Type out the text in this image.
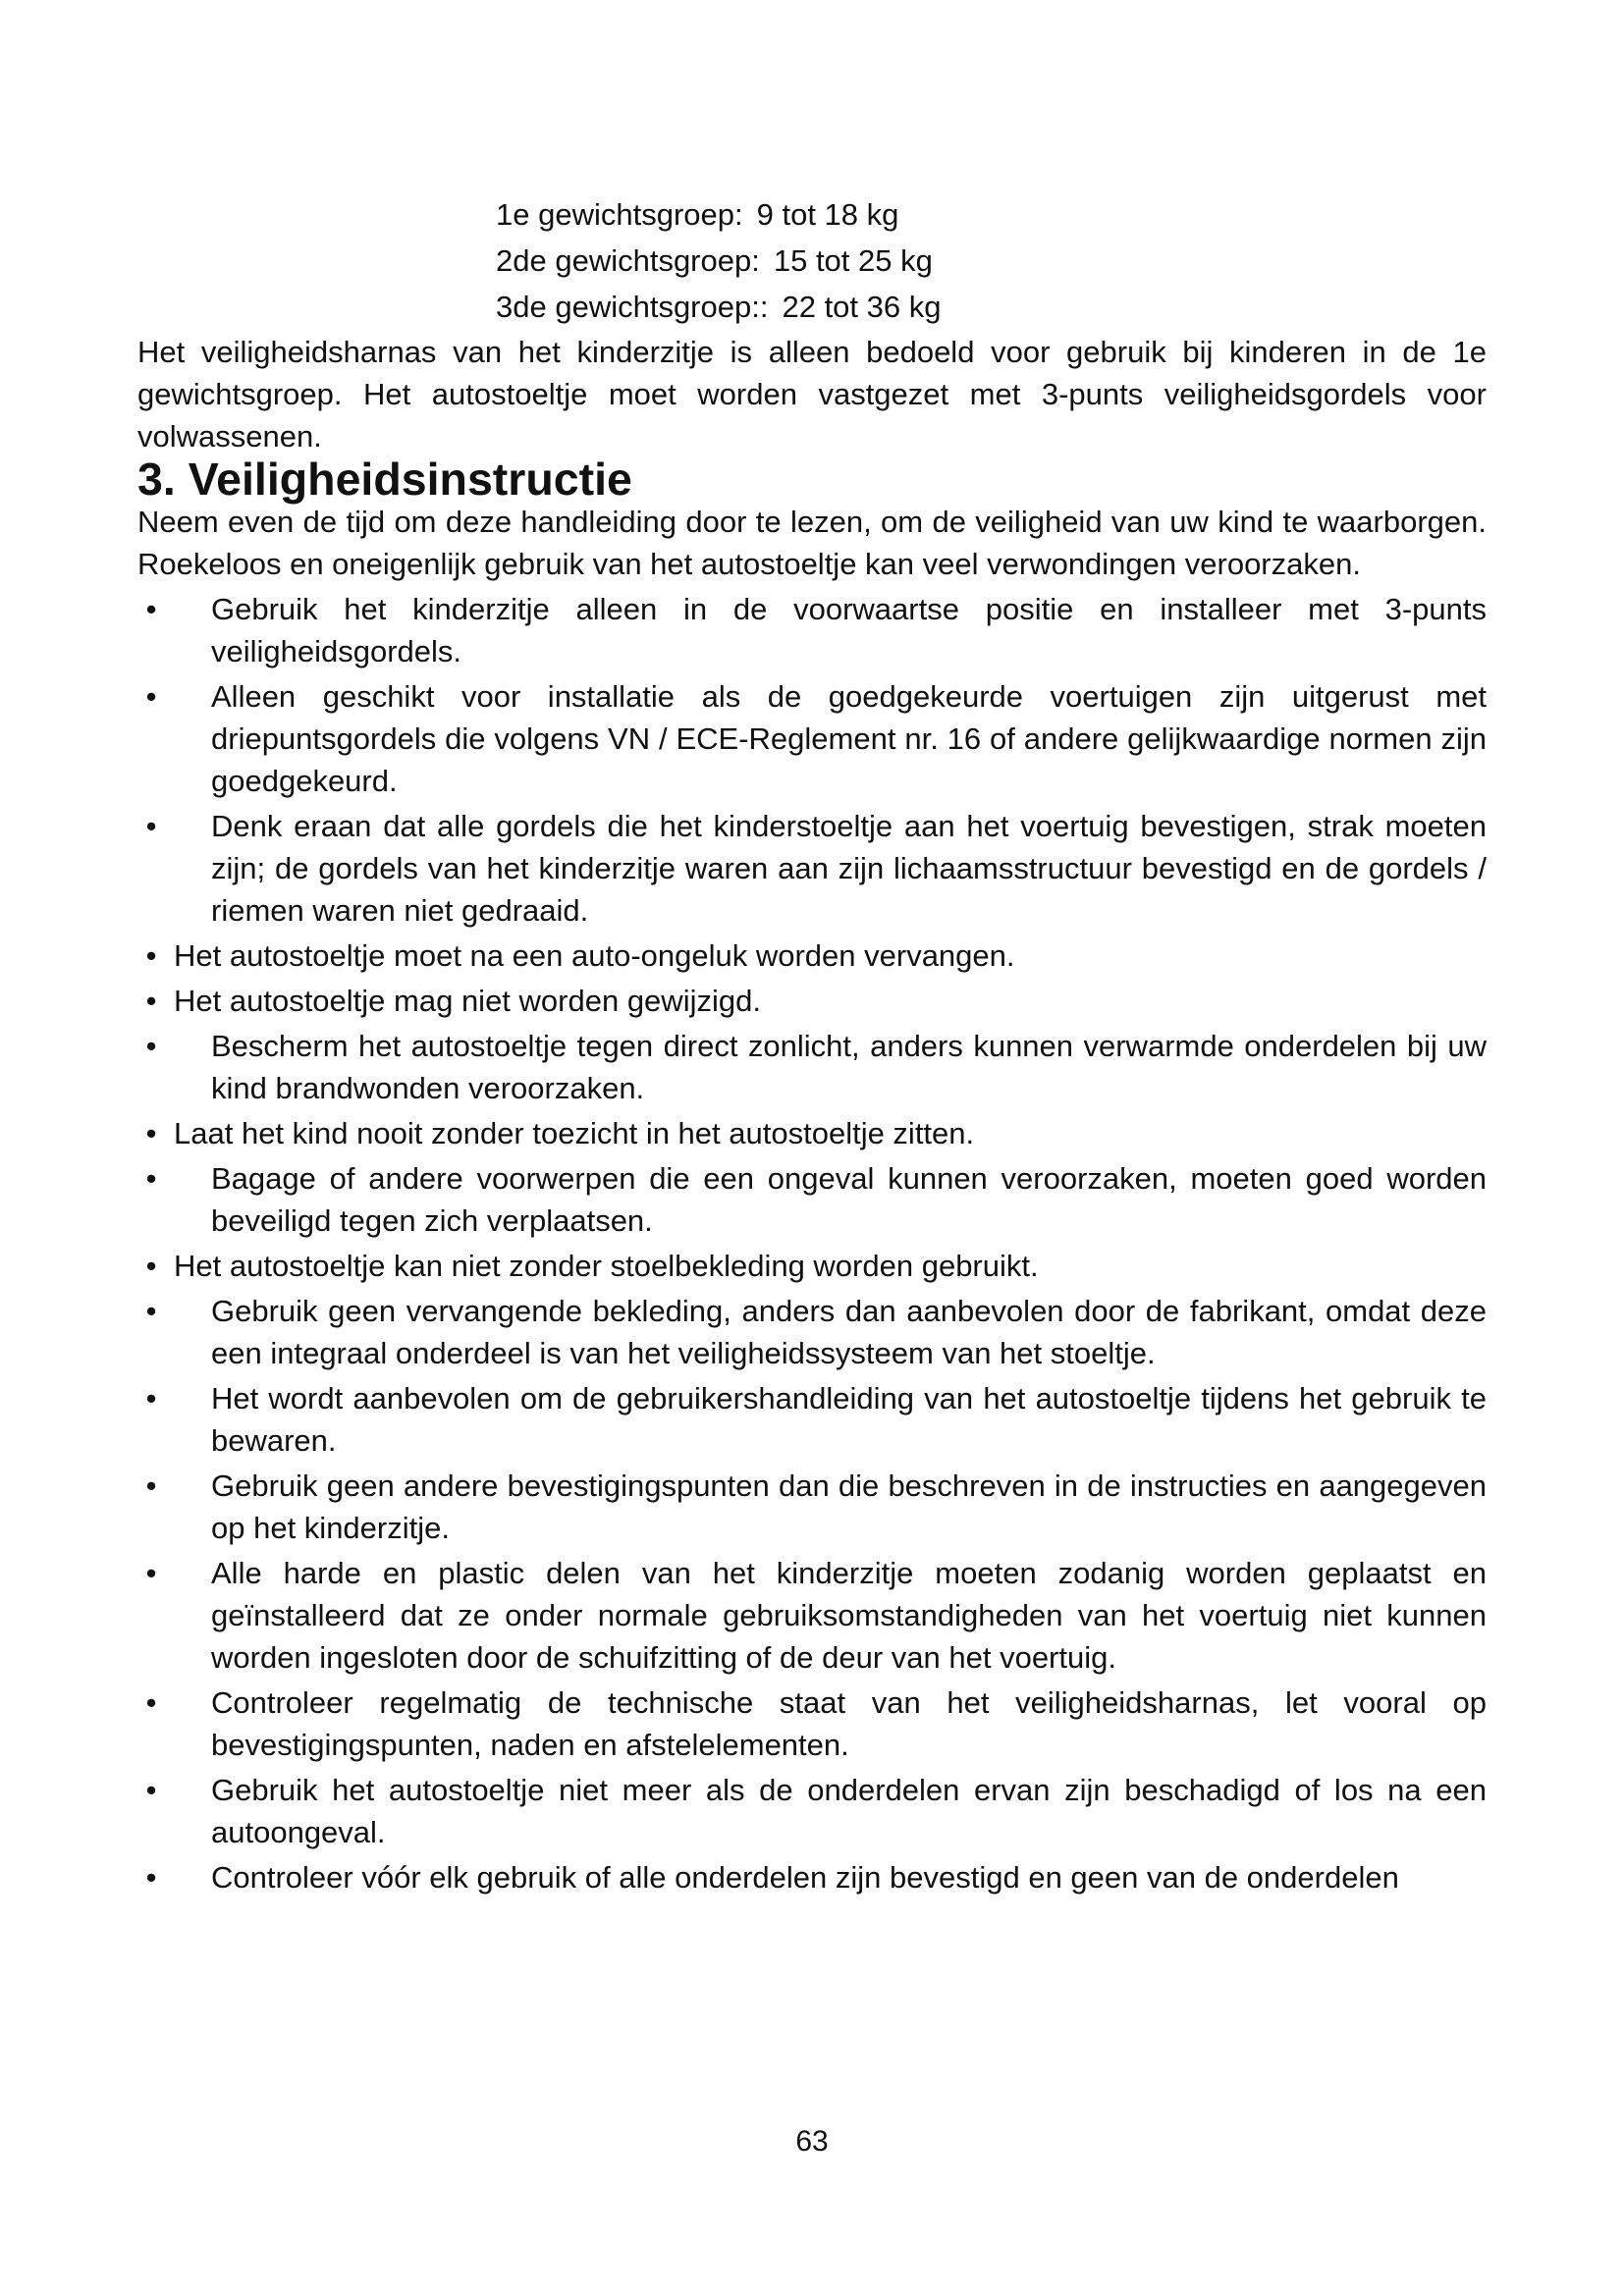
1e gewichtsgroep: 9 tot 18 kg
2de gewichtsgroep: 15 tot 25 kg
3de gewichtsgroep:: 22 tot 36 kg

Het veiligheidsharnas van het kinderzitje is alleen bedoeld voor gebruik bij kinderen in de 1e gewichtsgroep. Het autostoeltje moet worden vastgezet met 3-punts veiligheidsgordels voor volwassenen.

3. Veiligheidsinstructie

Neem even de tijd om deze handleiding door te lezen, om de veiligheid van uw kind te waarborgen. Roekeloos en oneigenlijk gebruik van het autostoeltje kan veel verwondingen veroorzaken.

• Gebruik het kinderzitje alleen in de voorwaartse positie en installeer met 3-punts veiligheidsgordels.
• Alleen geschikt voor installatie als de goedgekeurde voertuigen zijn uitgerust met driepuntsgordels die volgens VN / ECE-Reglement nr. 16 of andere gelijkwaardige normen zijn goedgekeurd.
• Denk eraan dat alle gordels die het kinderstoeltje aan het voertuig bevestigen, strak moeten zijn; de gordels van het kinderzitje waren aan zijn lichaamsstructuur bevestigd en de gordels / riemen waren niet gedraaid.
• Het autostoeltje moet na een auto-ongeluk worden vervangen.
• Het autostoeltje mag niet worden gewijzigd.
• Bescherm het autostoeltje tegen direct zonlicht, anders kunnen verwarmde onderdelen bij uw kind brandwonden veroorzaken.
• Laat het kind nooit zonder toezicht in het autostoeltje zitten.
• Bagage of andere voorwerpen die een ongeval kunnen veroorzaken, moeten goed worden beveiligd tegen zich verplaatsen.
• Het autostoeltje kan niet zonder stoelbekleding worden gebruikt.
• Gebruik geen vervangende bekleding, anders dan aanbevolen door de fabrikant, omdat deze een integraal onderdeel is van het veiligheidssysteem van het stoeltje.
• Het wordt aanbevolen om de gebruikershandleiding van het autostoeltje tijdens het gebruik te bewaren.
• Gebruik geen andere bevestigingspunten dan die beschreven in de instructies en aangegeven op het kinderzitje.
• Alle harde en plastic delen van het kinderzitje moeten zodanig worden geplaatst en geïnstalleerd dat ze onder normale gebruiksomstandigheden van het voertuig niet kunnen worden ingesloten door de schuifzitting of de deur van het voertuig.
• Controleer regelmatig de technische staat van het veiligheidsharnas, let vooral op bevestigingspunten, naden en afstelelementen.
• Gebruik het autostoeltje niet meer als de onderdelen ervan zijn beschadigd of los na een autoongeval.
• Controleer vóór elk gebruik of alle onderdelen zijn bevestigd en geen van de onderdelen
63
